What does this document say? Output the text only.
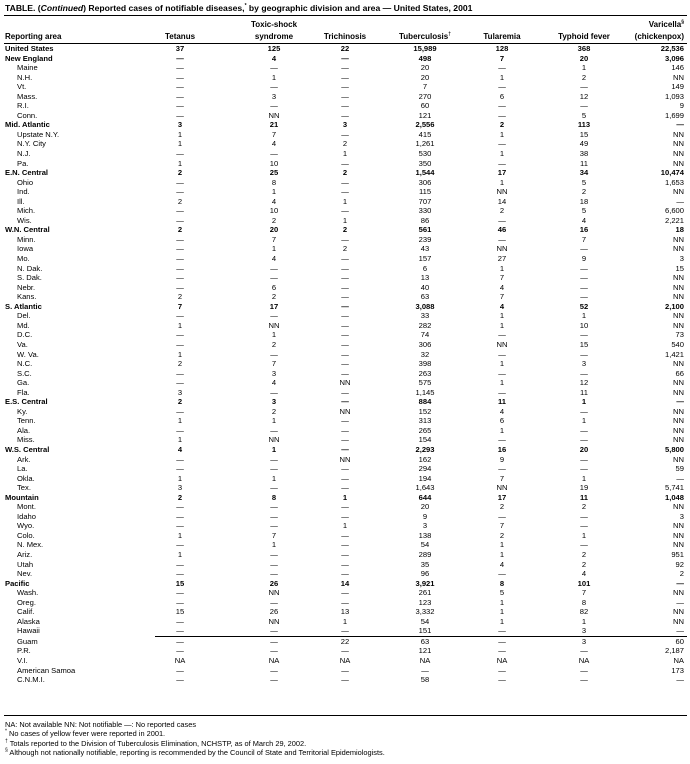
TABLE. (Continued) Reported cases of notifiable diseases,* by geographic division and area — United States, 2001
Toxic-shock	Varicella§
Reporting area	Tetanus	syndrome	Trichinosis	Tuberculosis†	Tularemia	Typhoid fever	(chickenpox)
United States	37	125	22	15,989	128	368	22,536
New England	—	4	—	498	7	20	3,096
Maine	—	—	—	20	—	1	146
N.H.	—	1	—	20	1	2	NN
Vt.	—	—	—	7	—	—	149
Mass.	—	3	—	270	6	12	1,093
R.I.	—	—	—	60	—	—	9
Conn.	—	NN	—	121	—	5	1,699
Mid. Atlantic	3	21	3	2,556	2	113	—
Upstate N.Y.	1	7	—	415	1	15	NN
N.Y. City	1	4	2	1,261	—	49	NN
N.J.	—	—	1	530	1	38	NN
Pa.	1	10	—	350	—	11	NN
E.N. Central	2	25	2	1,544	17	34	10,474
Ohio	—	8	—	306	1	5	1,653
Ind.	—	1	—	115	NN	2	NN
Ill.	2	4	1	707	14	18	—
Mich.	—	10	—	330	2	5	6,600
Wis.	—	2	1	86	—	4	2,221
W.N. Central	2	20	2	561	46	16	18
Minn.	—	7	—	239	—	7	NN
Iowa	—	1	2	43	NN	—	NN
Mo.	—	4	—	157	27	9	3
N. Dak.	—	—	—	6	1	—	15
S. Dak.	—	—	—	13	7	—	NN
Nebr.	—	6	—	40	4	—	NN
Kans.	2	2	—	63	7	—	NN
S. Atlantic	7	17	—	3,088	4	52	2,100
Del.	—	—	—	33	1	1	NN
Md.	1	NN	—	282	1	10	NN
D.C.	—	1	—	74	—	—	73
Va.	—	2	—	306	NN	15	540
W. Va.	1	—	—	32	—	—	1,421
N.C.	2	7	—	398	1	3	NN
S.C.	—	3	—	263	—	—	66
Ga.	—	4	NN	575	1	12	NN
Fla.	3	—	—	1,145	—	11	NN
E.S. Central	2	3	—	884	11	1	—
Ky.	—	2	NN	152	4	—	NN
Tenn.	1	1	—	313	6	1	NN
Ala.	—	—	—	265	1	—	NN
Miss.	1	NN	—	154	—	—	NN
W.S. Central	4	1	—	2,293	16	20	5,800
Ark.	—	—	NN	162	9	—	NN
La.	—	—	—	294	—	—	59
Okla.	1	1	—	194	7	1	—
Tex.	3	—	—	1,643	NN	19	5,741
Mountain	2	8	1	644	17	11	1,048
Mont.	—	—	—	20	2	2	NN
Idaho	—	—	—	9	—	—	3
Wyo.	—	—	1	3	7	—	NN
Colo.	1	7	—	138	2	1	NN
N. Mex.	—	1	—	54	1	—	NN
Ariz.	1	—	—	289	1	2	951
Utah	—	—	—	35	4	2	92
Nev.	—	—	—	96	—	4	2
Pacific	15	26	14	3,921	8	101	—
Wash.	—	NN	—	261	5	7	NN
Oreg.	—	—	—	123	1	8	—
Calif.	15	26	13	3,332	1	82	NN
Alaska	—	NN	1	54	1	1	NN
Hawaii	—	—	—	151	—	3	—
Guam	—	—	22	63	—	3	60
P.R.	—	—	—	121	—	—	2,187
V.I.	NA	NA	NA	NA	NA	NA	NA
American Samoa	—	—	—	—	—	—	173
C.N.M.I.	—	—	—	58	—	—	—
NA: Not available NN: Not notifiable —: No reported cases
* No cases of yellow fever were reported in 2001.
† Totals reported to the Division of Tuberculosis Elimination, NCHSTP, as of March 29, 2002.
§ Although not nationally notifiable, reporting is recommended by the Council of State and Territorial Epidemiologists.
